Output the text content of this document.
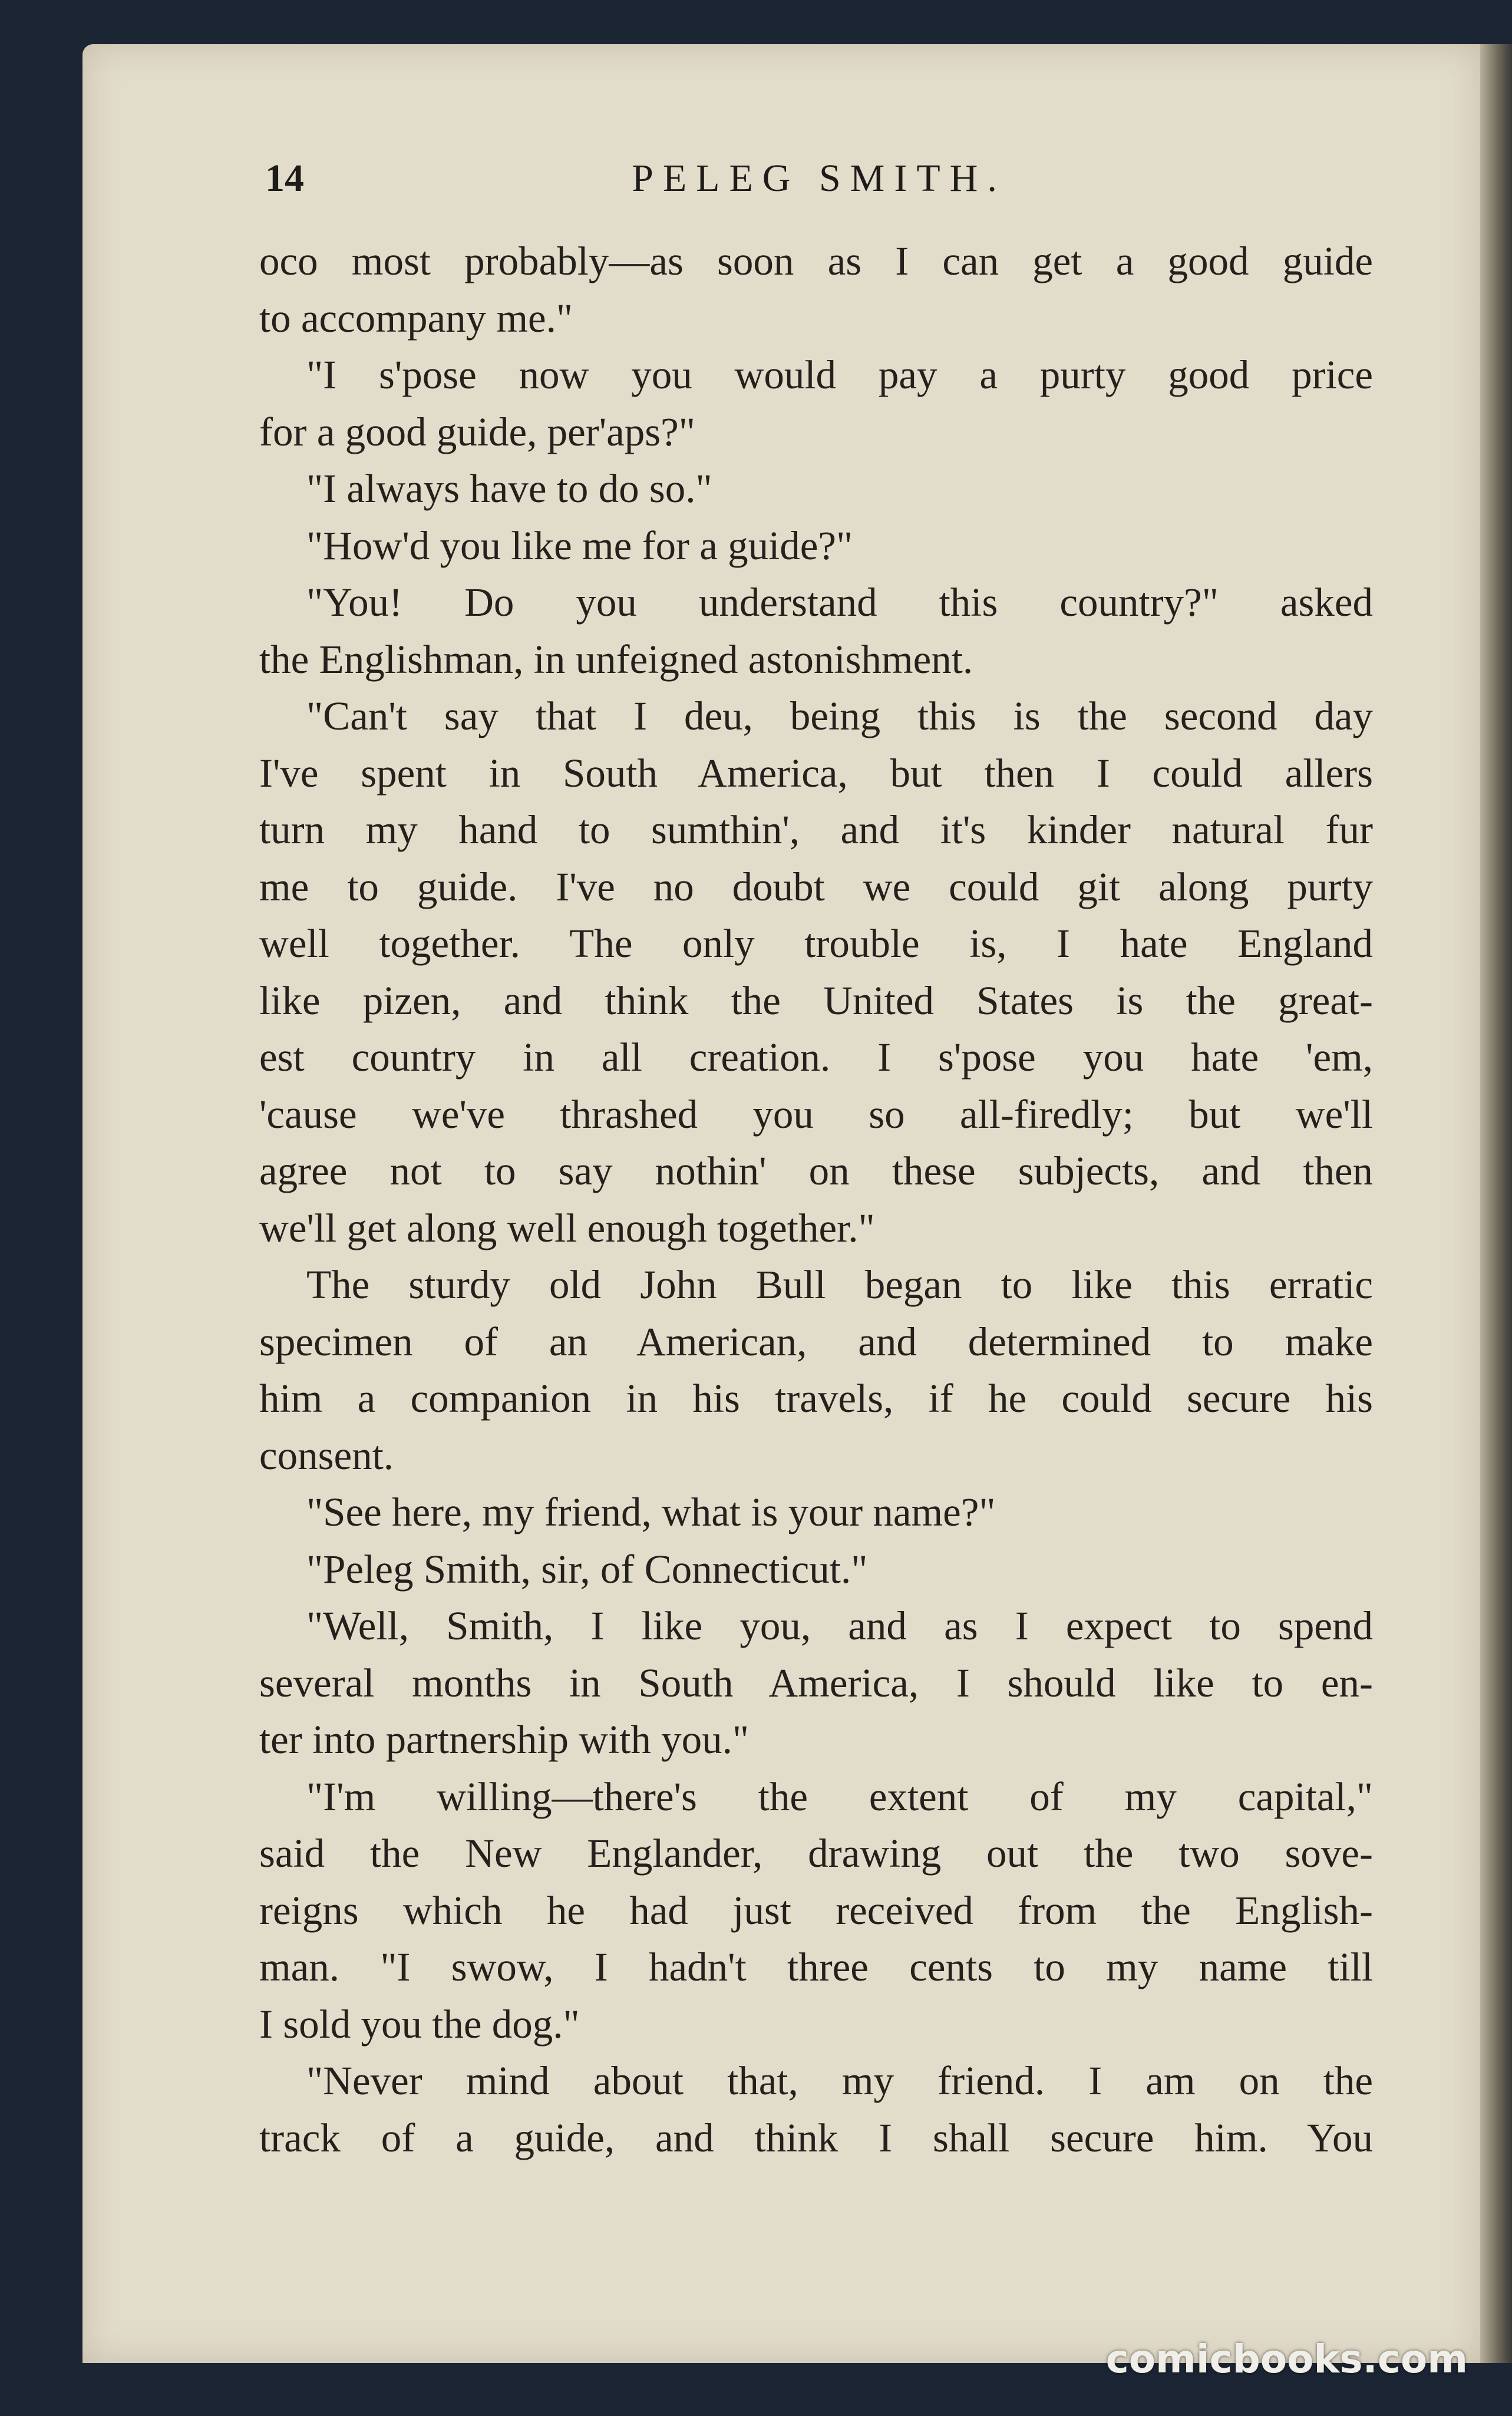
14	PELEG SMITH.
oco most probably—as soon as I can get a good guide
to accompany me."
"I s'pose now you would pay a purty good price
for a good guide, per'aps?"
"I always have to do so."
"How'd you like me for a guide?"
"You! Do you understand this country?" asked
the Englishman, in unfeigned astonishment.
"Can't say that I deu, being this is the second day
I've spent in South America, but then I could allers
turn my hand to sumthin', and it's kinder natural fur
me to guide. I've no doubt we could git along purty
well together. The only trouble is, I hate England
like pizen, and think the United States is the great-
est country in all creation. I s'pose you hate 'em,
'cause we've thrashed you so all-firedly; but we'll
agree not to say nothin' on these subjects, and then
we'll get along well enough together."
The sturdy old John Bull began to like this erratic
specimen of an American, and determined to make
him a companion in his travels, if he could secure his
consent.
"See here, my friend, what is your name?"
"Peleg Smith, sir, of Connecticut."
"Well, Smith, I like you, and as I expect to spend
several months in South America, I should like to en-
ter into partnership with you."
"I'm willing—there's the extent of my capital,"
said the New Englander, drawing out the two sove-
reigns which he had just received from the English-
man. "I swow, I hadn't three cents to my name till
I sold you the dog."
"Never mind about that, my friend. I am on the
track of a guide, and think I shall secure him. You
comicbooks.com
